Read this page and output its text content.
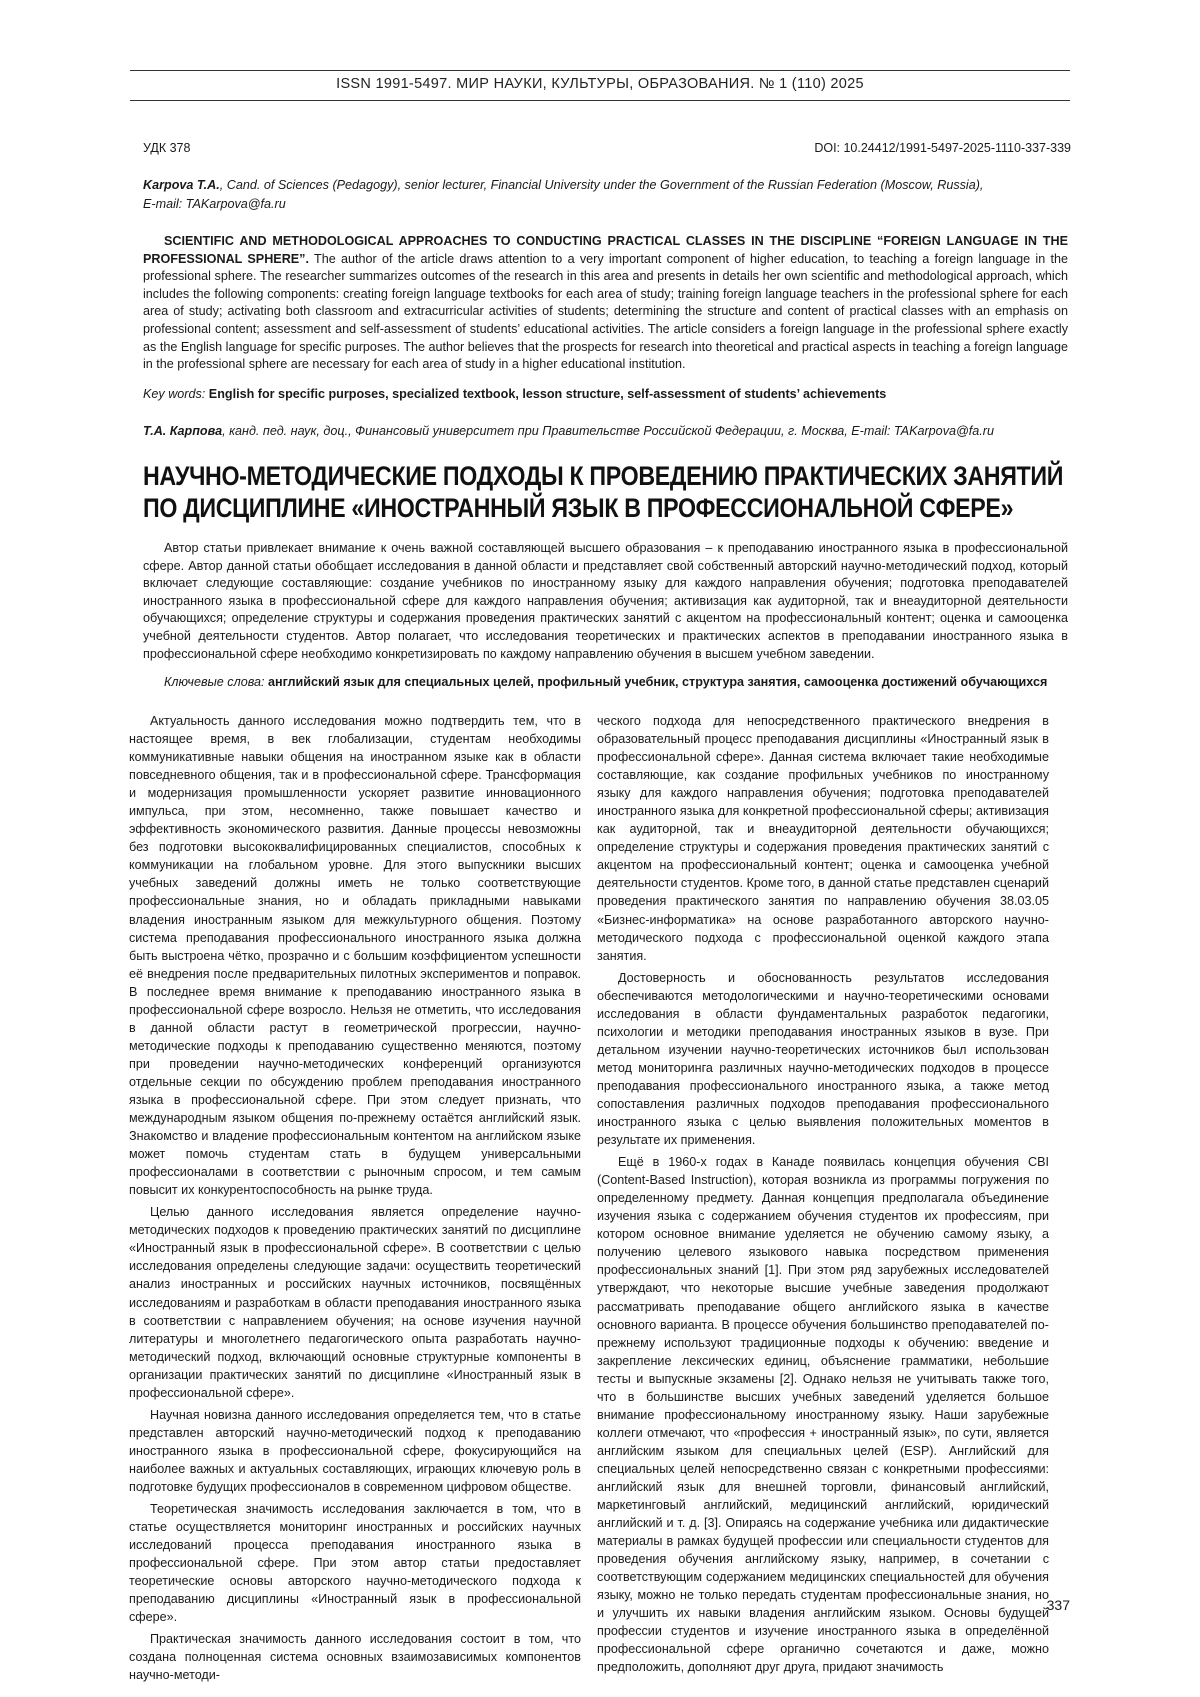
ISSN 1991-5497. МИР НАУКИ, КУЛЬТУРЫ, ОБРАЗОВАНИЯ. № 1 (110) 2025
УДК 378	DOI: 10.24412/1991-5497-2025-1110-337-339
Karpova T.A., Cand. of Sciences (Pedagogy), senior lecturer, Financial University under the Government of the Russian Federation (Moscow, Russia),
E-mail: TAKarpova@fa.ru
SCIENTIFIC AND METHODOLOGICAL APPROACHES TO CONDUCTING PRACTICAL CLASSES IN THE DISCIPLINE “FOREIGN LANGUAGE IN THE PROFESSIONAL SPHERE”. The author of the article draws attention to a very important component of higher education, to teaching a foreign language in the professional sphere. The researcher summarizes outcomes of the research in this area and presents in details her own scientific and methodological approach, which includes the following components: creating foreign language textbooks for each area of study; training foreign language teachers in the professional sphere for each area of study; activating both classroom and extracurricular activities of students; determining the structure and content of practical classes with an emphasis on professional content; assessment and self-assessment of students’ educational activities. The article considers a foreign language in the professional sphere exactly as the English language for specific purposes. The author believes that the prospects for research into theoretical and practical aspects in teaching a foreign language in the professional sphere are necessary for each area of study in a higher educational institution.
Key words: English for specific purposes, specialized textbook, lesson structure, self-assessment of students’ achievements
Т.А. Карпова, канд. пед. наук, доц., Финансовый университет при Правительстве Российской Федерации, г. Москва, E-mail: TAKarpova@fa.ru
НАУЧНО-МЕТОДИЧЕСКИЕ ПОДХОДЫ К ПРОВЕДЕНИЮ ПРАКТИЧЕСКИХ ЗАНЯТИЙ
ПО ДИСЦИПЛИНЕ «ИНОСТРАННЫЙ ЯЗЫК В ПРОФЕССИОНАЛЬНОЙ СФЕРЕ»
Автор статьи привлекает внимание к очень важной составляющей высшего образования – к преподаванию иностранного языка в профессиональной сфере. Автор данной статьи обобщает исследования в данной области и представляет свой собственный авторский научно-методический подход, который включает следующие составляющие: создание учебников по иностранному языку для каждого направления обучения; подготовка преподавателей иностранного языка в профессиональной сфере для каждого направления обучения; активизация как аудиторной, так и внеаудиторной деятельности обучающихся; определение структуры и содержания проведения практических занятий с акцентом на профессиональный контент; оценка и самооценка учебной деятельности студентов. Автор полагает, что исследования теоретических и практических аспектов в преподавании иностранного языка в профессиональной сфере необходимо конкретизировать по каждому направлению обучения в высшем учебном заведении.
Ключевые слова: английский язык для специальных целей, профильный учебник, структура занятия, самооценка достижений обучающихся

Актуальность данного исследования можно подтвердить тем, что в настоящее время, в век глобализации, студентам необходимы коммуникативные навыки общения на иностранном языке как в области повседневного общения, так и в профессиональной сфере. Трансформация и модернизация промышленности ускоряет развитие инновационного импульса, при этом, несомненно, также повышает качество и эффективность экономического развития. Данные процессы невозможны без подготовки высококвалифицированных специалистов, способных к коммуникации на глобальном уровне. Для этого выпускники высших учебных заведений должны иметь не только соответствующие профессиональные знания, но и обладать прикладными навыками владения иностранным языком для межкультурного общения. Поэтому система преподавания профессионального иностранного языка должна быть выстроена чётко, прозрачно и с большим коэффициентом успешности её внедрения после предварительных пилотных экспериментов и поправок. В последнее время внимание к преподаванию иностранного языка в профессиональной сфере возросло. Нельзя не отметить, что исследования в данной области растут в геометрической прогрессии, научно-методические подходы к преподаванию существенно меняются, поэтому при проведении научно-методических конференций организуются отдельные секции по обсуждению проблем преподавания иностранного языка в профессиональной сфере. При этом следует признать, что международным языком общения по-прежнему остаётся английский язык. Знакомство и владение профессиональным контентом на английском языке может помочь студентам стать в будущем универсальными профессионалами в соответствии с рыночным спросом, и тем самым повысит их конкурентоспособность на рынке труда.

Целью данного исследования является определение научно-методических подходов к проведению практических занятий по дисциплине «Иностранный язык в профессиональной сфере». В соответствии с целью исследования определены следующие задачи: осуществить теоретический анализ иностранных и российских научных источников, посвящённых исследованиям и разработкам в области преподавания иностранного языка в соответствии с направлением обучения; на основе изучения научной литературы и многолетнего педагогического опыта разработать научно-методический подход, включающий основные структурные компоненты в организации практических занятий по дисциплине «Иностранный язык в профессиональной сфере».

Научная новизна данного исследования определяется тем, что в статье представлен авторский научно-методический подход к преподаванию иностранного языка в профессиональной сфере, фокусирующийся на наиболее важных и актуальных составляющих, играющих ключевую роль в подготовке будущих профессионалов в современном цифровом обществе.

Теоретическая значимость исследования заключается в том, что в статье осуществляется мониторинг иностранных и российских научных исследований процесса преподавания иностранного языка в профессиональной сфере. При этом автор статьи предоставляет теоретические основы авторского научно-методического подхода к преподаванию дисциплины «Иностранный язык в профессиональной сфере».

Практическая значимость данного исследования состоит в том, что создана полноценная система основных взаимозависимых компонентов научно-методи-

ческого подхода для непосредственного практического внедрения в образовательный процесс преподавания дисциплины «Иностранный язык в профессиональной сфере». Данная система включает такие необходимые составляющие, как создание профильных учебников по иностранному языку для каждого направления обучения; подготовка преподавателей иностранного языка для конкретной профессиональной сферы; активизация как аудиторной, так и внеаудиторной деятельности обучающихся; определение структуры и содержания проведения практических занятий с акцентом на профессиональный контент; оценка и самооценка учебной деятельности студентов. Кроме того, в данной статье представлен сценарий проведения практического занятия по направлению обучения 38.03.05 «Бизнес-информатика» на основе разработанного авторского научно-методического подхода с профессиональной оценкой каждого этапа занятия.

Достоверность и обоснованность результатов исследования обеспечиваются методологическими и научно-теоретическими основами исследования в области фундаментальных разработок педагогики, психологии и методики преподавания иностранных языков в вузе. При детальном изучении научно-теоретических источников был использован метод мониторинга различных научно-методических подходов в процессе преподавания профессионального иностранного языка, а также метод сопоставления различных подходов преподавания профессионального иностранного языка с целью выявления положительных моментов в результате их применения.

Ещё в 1960-х годах в Канаде появилась концепция обучения CBI (Content-Based Instruction), которая возникла из программы погружения по определенному предмету. Данная концепция предполагала объединение изучения языка с содержанием обучения студентов их профессиям, при котором основное внимание уделяется не обучению самому языку, а получению целевого языкового навыка посредством применения профессиональных знаний [1]. При этом ряд зарубежных исследователей утверждают, что некоторые высшие учебные заведения продолжают рассматривать преподавание общего английского языка в качестве основного варианта. В процессе обучения большинство преподавателей по-прежнему используют традиционные подходы к обучению: введение и закрепление лексических единиц, объяснение грамматики, небольшие тесты и выпускные экзамены [2]. Однако нельзя не учитывать также того, что в большинстве высших учебных заведений уделяется большое внимание профессиональному иностранному языку. Наши зарубежные коллеги отмечают, что «профессия + иностранный язык», по сути, является английским языком для специальных целей (ESP). Английский для специальных целей непосредственно связан с конкретными профессиями: английский язык для внешней торговли, финансовый английский, маркетинговый английский, медицинский английский, юридический английский и т. д. [3]. Опираясь на содержание учебника или дидактические материалы в рамках будущей профессии или специальности студентов для проведения обучения английскому языку, например, в сочетании с соответствующим содержанием медицинских специальностей для обучения языку, можно не только передать студентам профессиональные знания, но и улучшить их навыки владения английским языком. Основы будущей профессии студентов и изучение иностранного языка в определённой профессиональной сфере органично сочетаются и даже, можно предположить, дополняют друг друга, придают значимость

337
